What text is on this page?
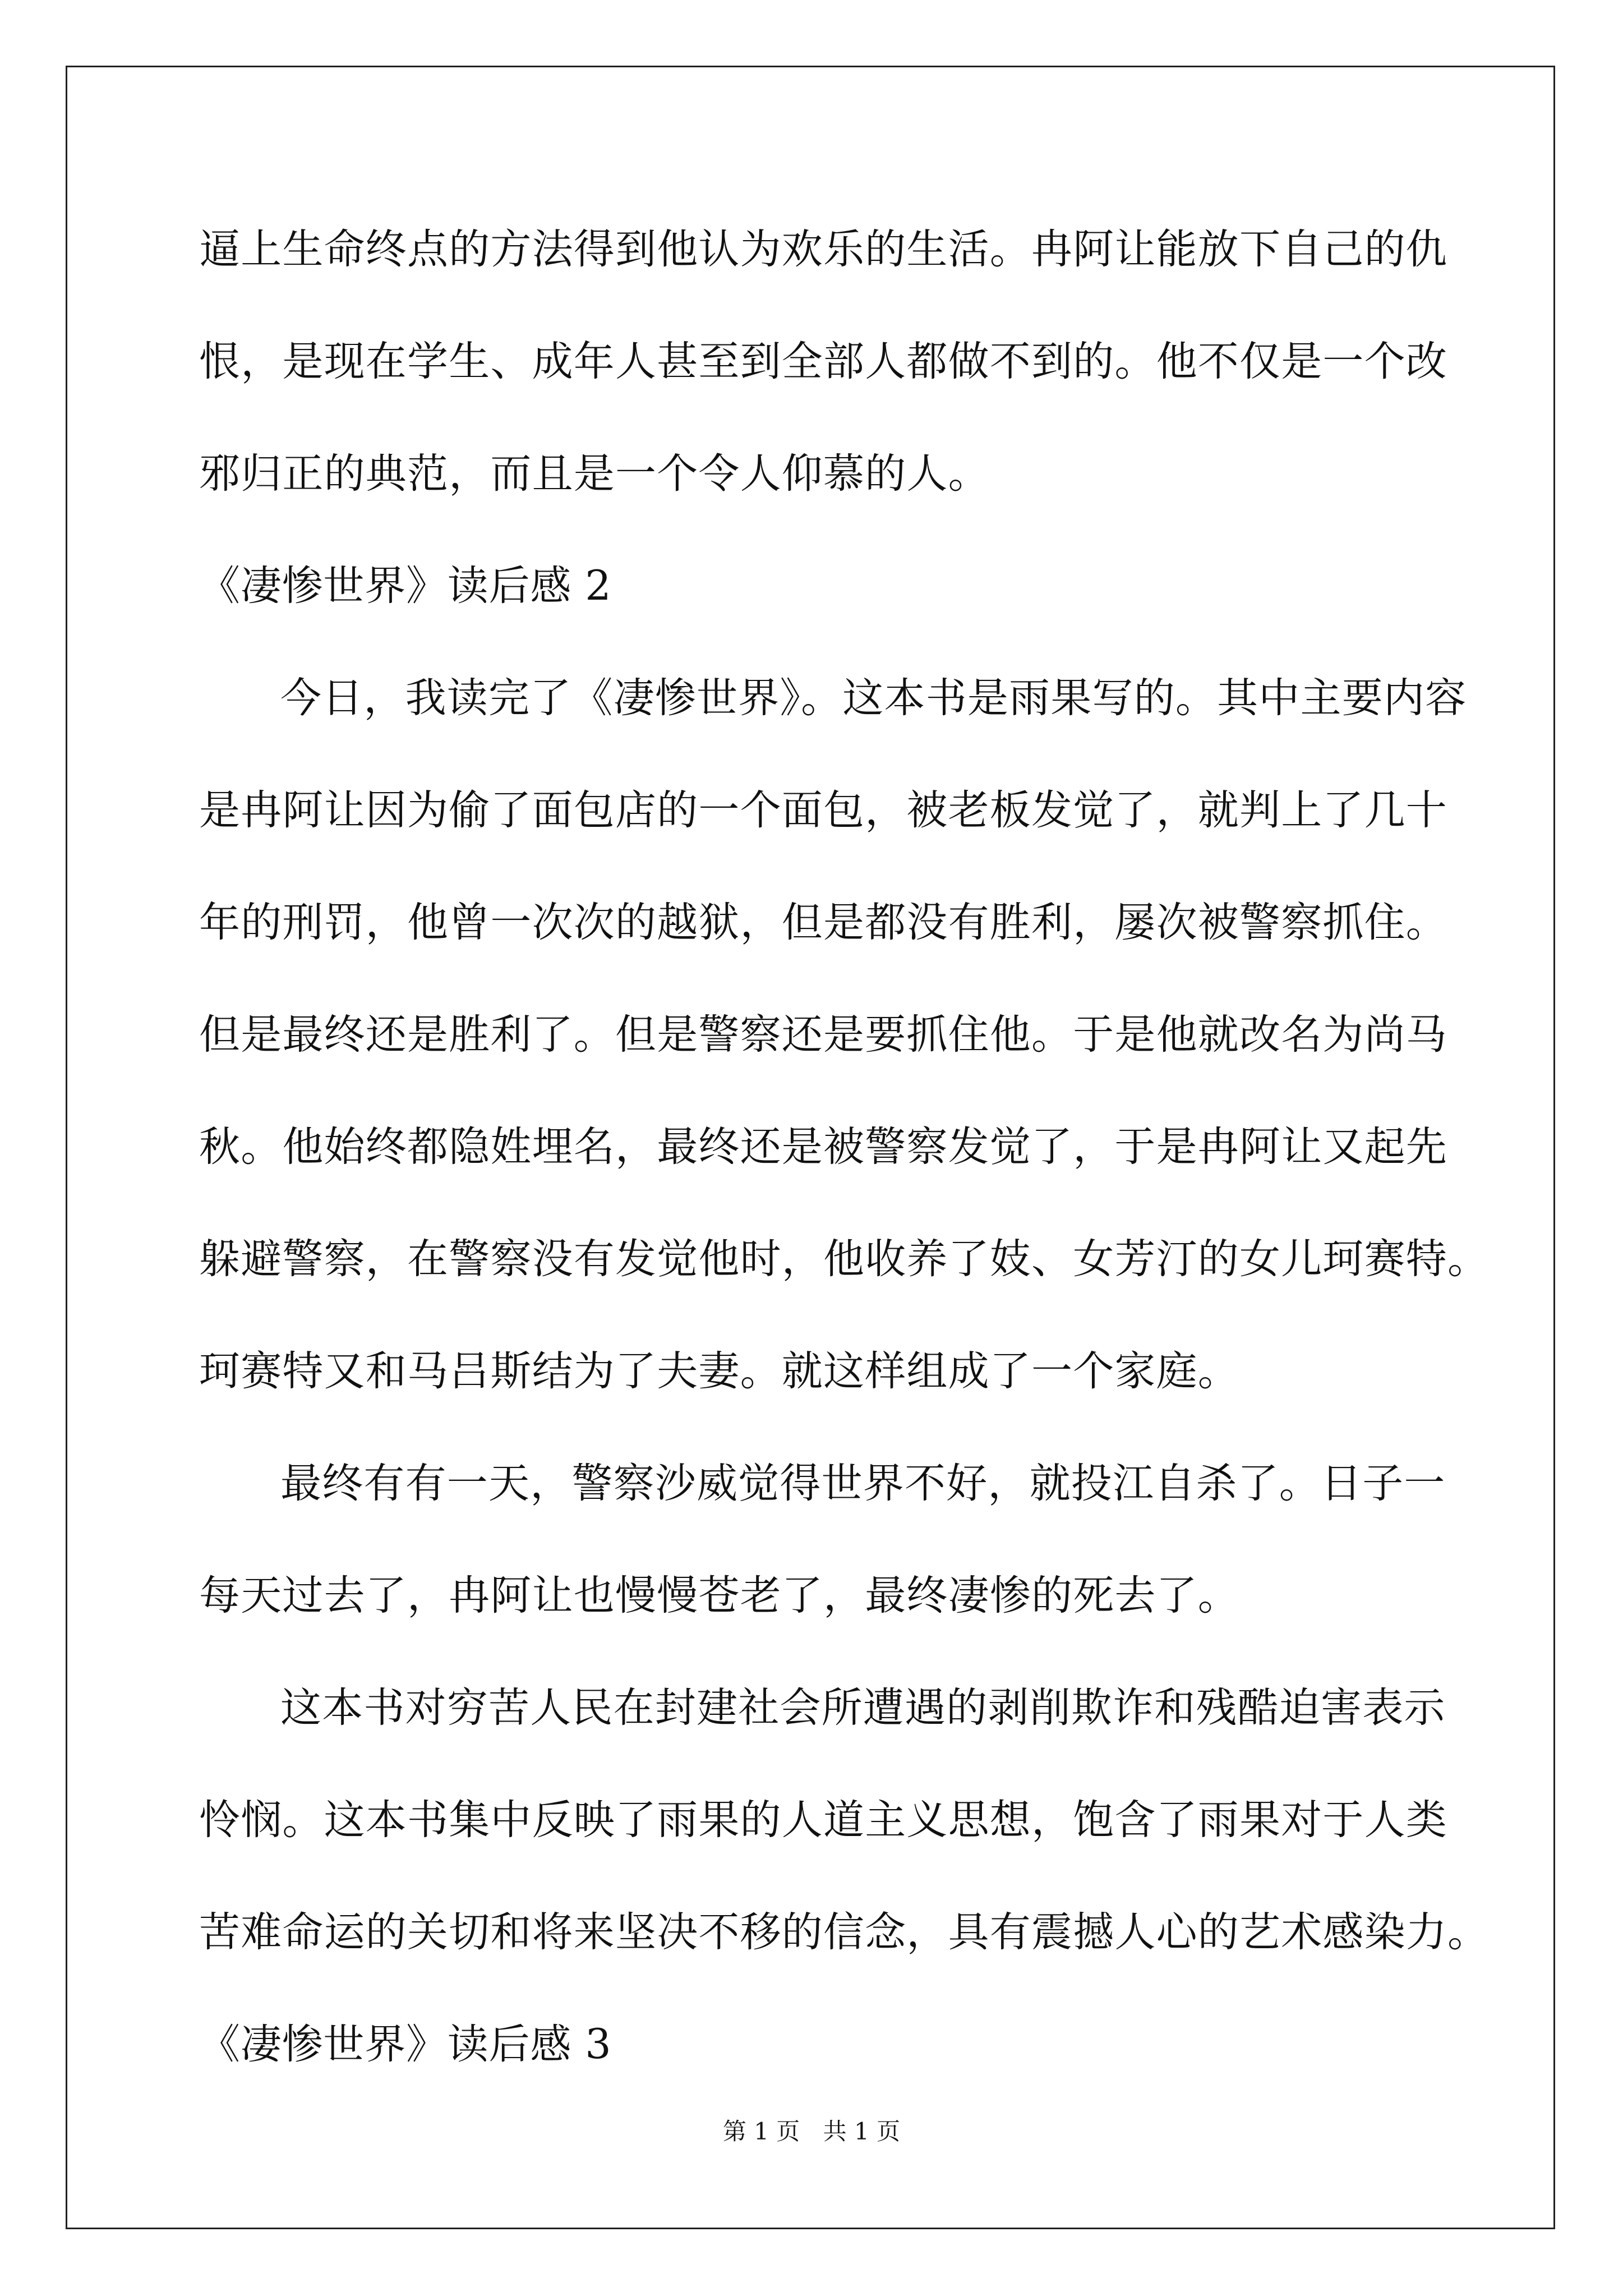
逼上生命终点的方法得到他认为欢乐的生活。冉阿让能放下自己的仇
恨，是现在学生、成年人甚至到全部人都做不到的。他不仅是一个改
邪归正的典范，而且是一个令人仰慕的人。
《凄惨世界》读后感 2
今日，我读完了《凄惨世界》。这本书是雨果写的。其中主要内容
是冉阿让因为偷了面包店的一个面包，被老板发觉了，就判上了几十
年的刑罚，他曾一次次的越狱，但是都没有胜利，屡次被警察抓住。
但是最终还是胜利了。但是警察还是要抓住他。于是他就改名为尚马
秋。他始终都隐姓埋名，最终还是被警察发觉了，于是冉阿让又起先
躲避警察，在警察没有发觉他时，他收养了妓、女芳汀的女儿珂赛特。
珂赛特又和马吕斯结为了夫妻。就这样组成了一个家庭。
最终有有一天，警察沙威觉得世界不好，就投江自杀了。日子一
每天过去了，冉阿让也慢慢苍老了，最终凄惨的死去了。
这本书对穷苦人民在封建社会所遭遇的剥削欺诈和残酷迫害表示
怜悯。这本书集中反映了雨果的人道主义思想，饱含了雨果对于人类
苦难命运的关切和将来坚决不移的信念，具有震撼人心的艺术感染力。
《凄惨世界》读后感 3
第 1 页 共 1 页
